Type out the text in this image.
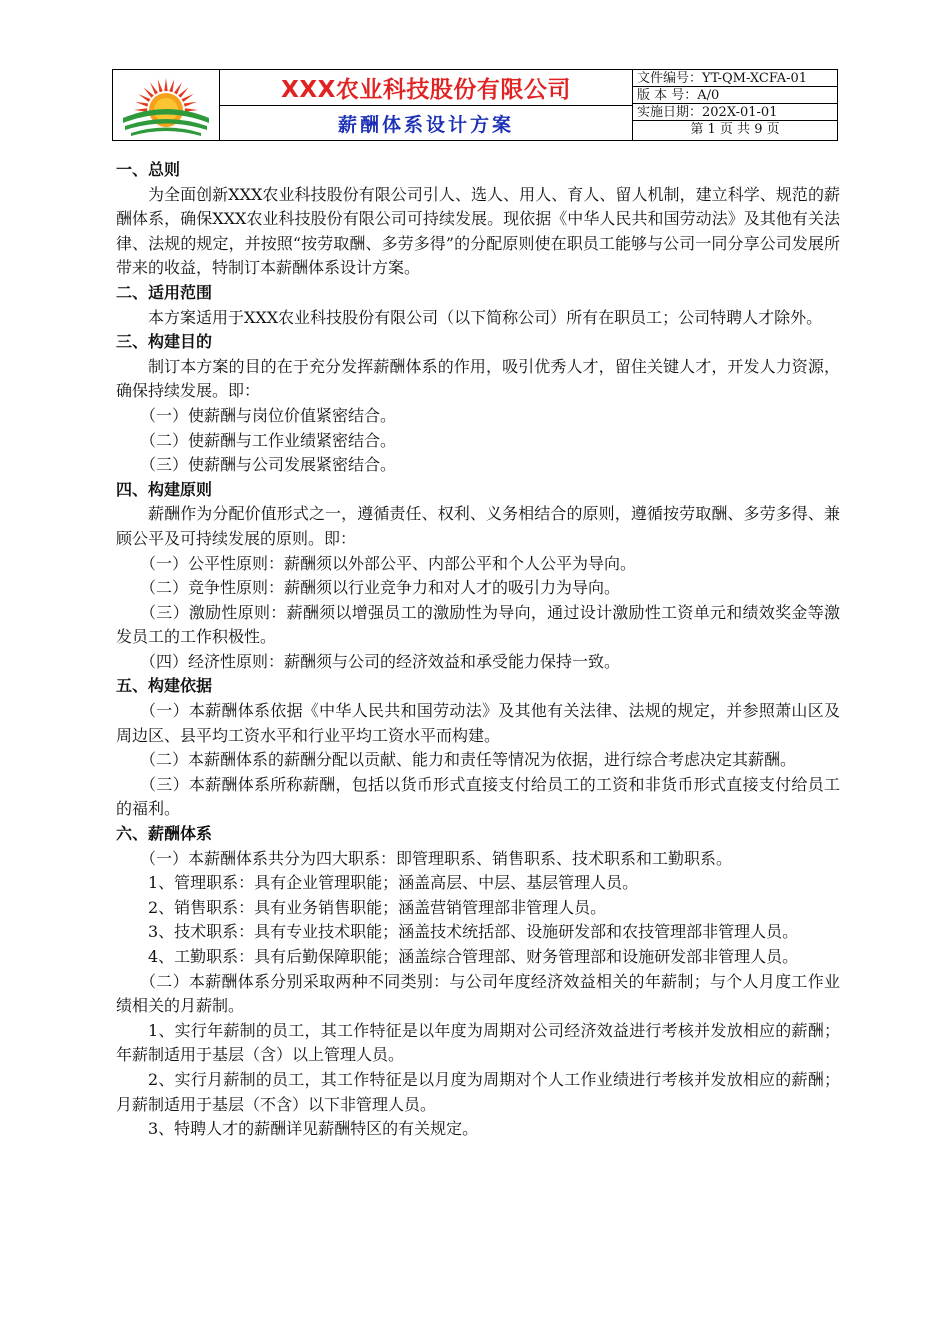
XXX农业科技股份有限公司
薪酬体系设计方案
文件编号：YT-QM-XCFA-01
版 本 号：A/0
实施日期：202X-01-01
第 1 页 共 9 页

一、总则

为全面创新XXX农业科技股份有限公司引人、选人、用人、育人、留人机制，建立科学、规范的薪酬体系，确保XXX农业科技股份有限公司可持续发展。现依据《中华人民共和国劳动法》及其他有关法律、法规的规定，并按照“按劳取酬、多劳多得”的分配原则使在职员工能够与公司一同分享公司发展所带来的收益，特制订本薪酬体系设计方案。

二、适用范围

本方案适用于XXX农业科技股份有限公司（以下简称公司）所有在职员工；公司特聘人才除外。

三、构建目的

制订本方案的目的在于充分发挥薪酬体系的作用，吸引优秀人才，留住关键人才，开发人力资源，确保持续发展。即：

（一）使薪酬与岗位价值紧密结合。

（二）使薪酬与工作业绩紧密结合。

（三）使薪酬与公司发展紧密结合。

四、构建原则

薪酬作为分配价值形式之一，遵循责任、权利、义务相结合的原则，遵循按劳取酬、多劳多得、兼顾公平及可持续发展的原则。即：

（一）公平性原则：薪酬须以外部公平、内部公平和个人公平为导向。

（二）竞争性原则：薪酬须以行业竞争力和对人才的吸引力为导向。

（三）激励性原则：薪酬须以增强员工的激励性为导向，通过设计激励性工资单元和绩效奖金等激发员工的工作积极性。

（四）经济性原则：薪酬须与公司的经济效益和承受能力保持一致。

五、构建依据

（一）本薪酬体系依据《中华人民共和国劳动法》及其他有关法律、法规的规定，并参照萧山区及周边区、县平均工资水平和行业平均工资水平而构建。

（二）本薪酬体系的薪酬分配以贡献、能力和责任等情况为依据，进行综合考虑决定其薪酬。

（三）本薪酬体系所称薪酬，包括以货币形式直接支付给员工的工资和非货币形式直接支付给员工的福利。

六、薪酬体系

（一）本薪酬体系共分为四大职系：即管理职系、销售职系、技术职系和工勤职系。

1、管理职系：具有企业管理职能；涵盖高层、中层、基层管理人员。

2、销售职系：具有业务销售职能；涵盖营销管理部非管理人员。

3、技术职系：具有专业技术职能；涵盖技术统括部、设施研发部和农技管理部非管理人员。

4、工勤职系：具有后勤保障职能；涵盖综合管理部、财务管理部和设施研发部非管理人员。

（二）本薪酬体系分别采取两种不同类别：与公司年度经济效益相关的年薪制；与个人月度工作业绩相关的月薪制。

1、实行年薪制的员工，其工作特征是以年度为周期对公司经济效益进行考核并发放相应的薪酬；年薪制适用于基层（含）以上管理人员。

2、实行月薪制的员工，其工作特征是以月度为周期对个人工作业绩进行考核并发放相应的薪酬；月薪制适用于基层（不含）以下非管理人员。

3、特聘人才的薪酬详见薪酬特区的有关规定。
